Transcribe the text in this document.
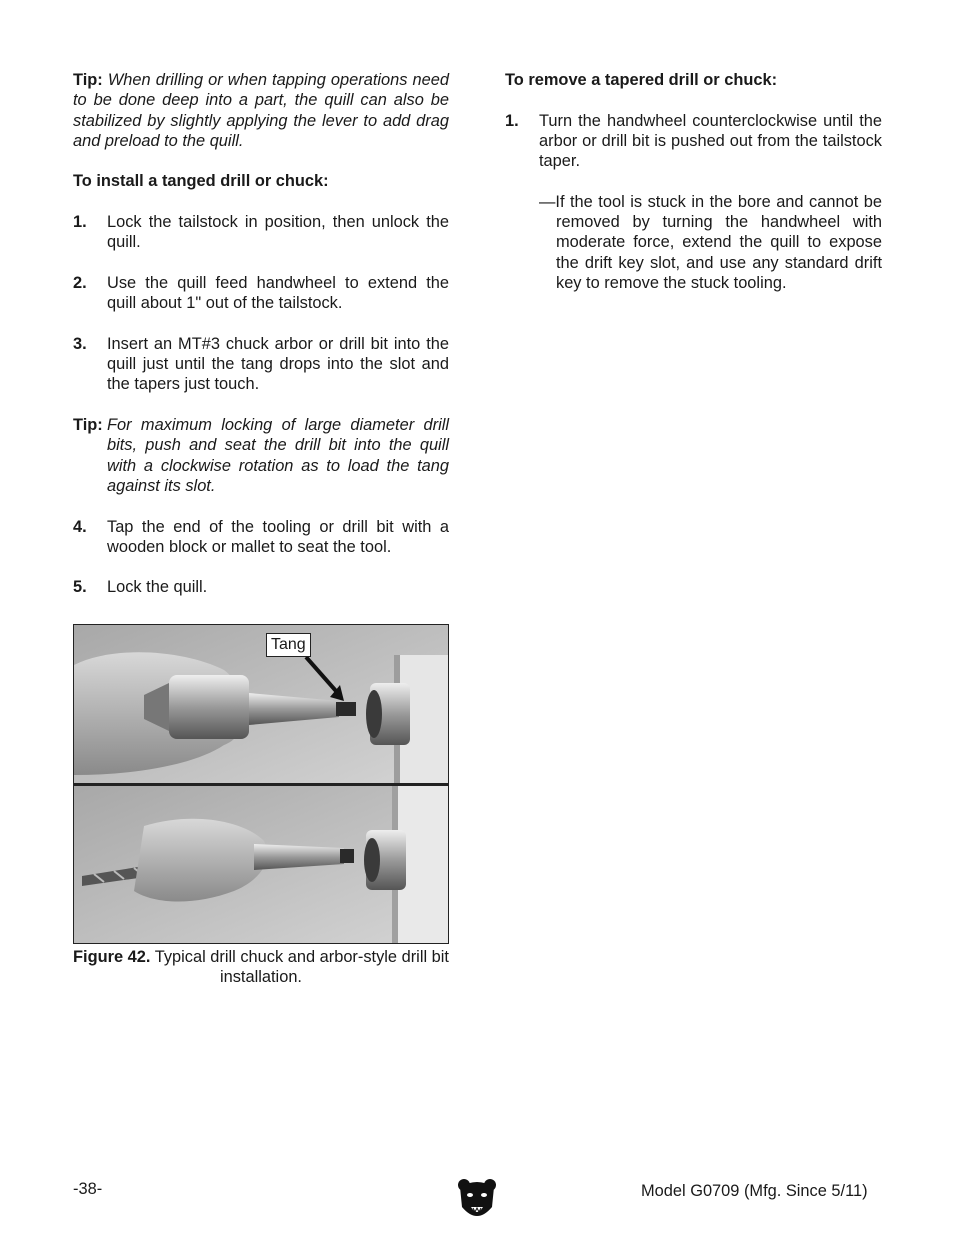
Tip: When drilling or when tapping operations need to be done deep into a part, the quill can also be stabilized by slightly applying the lever to add drag and preload to the quill.

To install a tanged drill or chuck:

1.	Lock the tailstock in position, then unlock the quill.
2.	Use the quill feed handwheel to extend the quill about 1" out of the tailstock.
3.	Insert an MT#3 chuck arbor or drill bit into the quill just until the tang drops into the slot and the tapers just touch.
Tip: For maximum locking of large diameter drill bits, push and seat the drill bit into the quill with a clockwise rotation as to load the tang against its slot.
4.	Tap the end of the tooling or drill bit with a wooden block or mallet to seat the tool.
5.	Lock the quill.
Tang
Figure 42. Typical drill chuck and arbor-style drill bit installation.

To remove a tapered drill or chuck:

1.	Turn the handwheel counterclockwise until the arbor or drill bit is pushed out from the tailstock taper.

—If the tool is stuck in the bore and cannot be removed by turning the handwheel with moderate force, extend the quill to expose the drift key slot, and use any standard drift key to remove the stuck tooling.

-38-	Model G0709 (Mfg. Since 5/11)
